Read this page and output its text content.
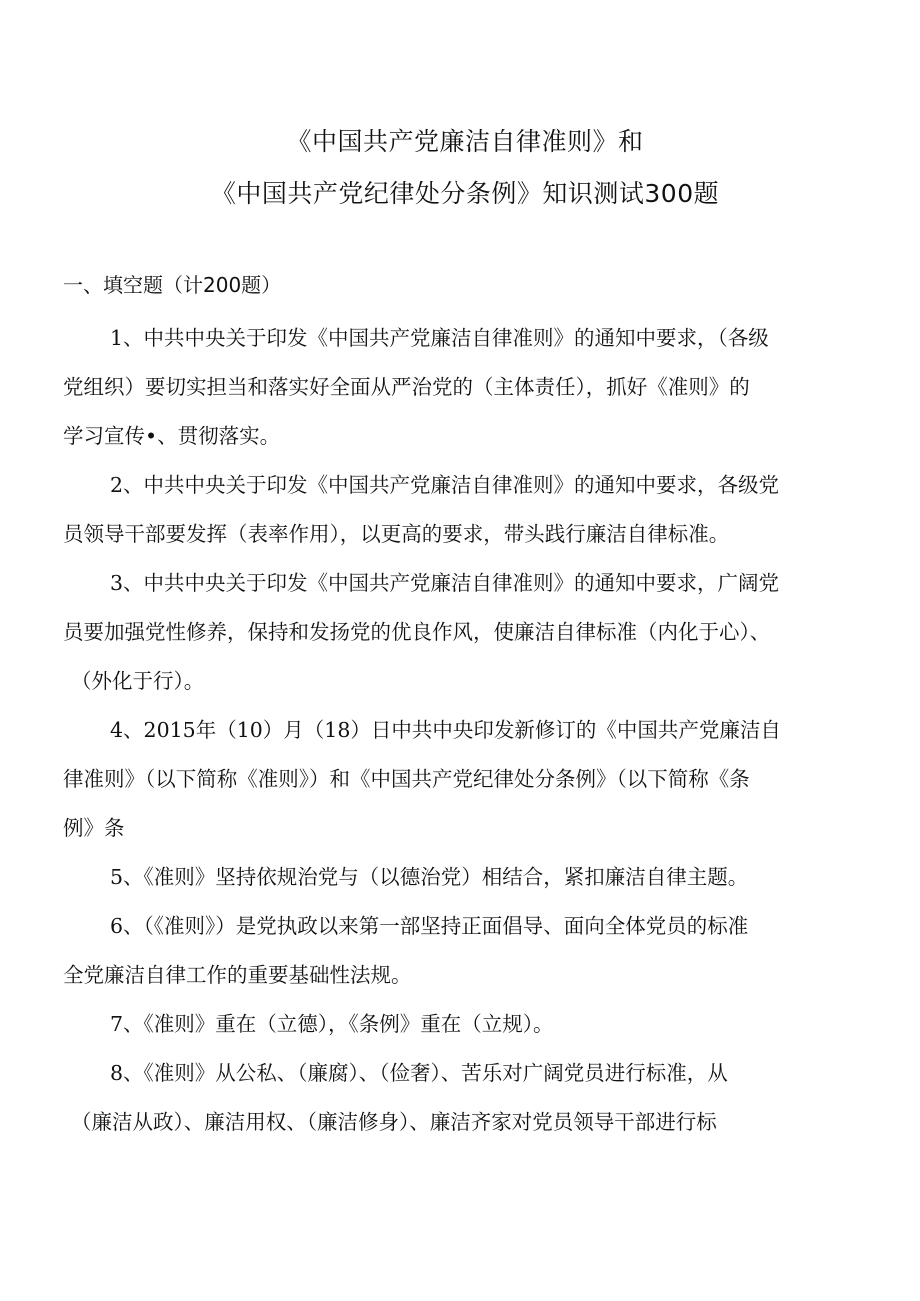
《中国共产党廉洁自律准则》和
《中国共产党纪律处分条例》知识测试300题
一、填空题（计200题）

1、中共中央关于印发《中国共产党廉洁自律准则》的通知中要求，（各级
党组织）要切实担当和落实好全面从严治党的（主体责任），抓好《准则》的
学习宣传•、贯彻落实。

2、中共中央关于印发《中国共产党廉洁自律准则》的通知中要求，各级党
员领导干部要发挥（表率作用），以更高的要求，带头践行廉洁自律标准。

3、中共中央关于印发《中国共产党廉洁自律准则》的通知中要求，广阔党
员要加强党性修养，保持和发扬党的优良作风，使廉洁自律标准（内化于心）、
（外化于行）。

4、2015年（10）月（18）日中共中央印发新修订的《中国共产党廉洁自
律准则》（以下简称《准则》）和《中国共产党纪律处分条例》（以下简称《条
例》条

5、《准则》坚持依规治党与（以德治党）相结合，紧扣廉洁自律主题。

6、（《准则》）是党执政以来第一部坚持正面倡导、面向全体党员的标准
全党廉洁自律工作的重要基础性法规。

7、《准则》重在（立德），《条例》重在（立规）。

8、《准则》从公私、（廉腐）、（俭奢）、苦乐对广阔党员进行标准，从
（廉洁从政）、廉洁用权、（廉洁修身）、廉洁齐家对党员领导干部进行标
